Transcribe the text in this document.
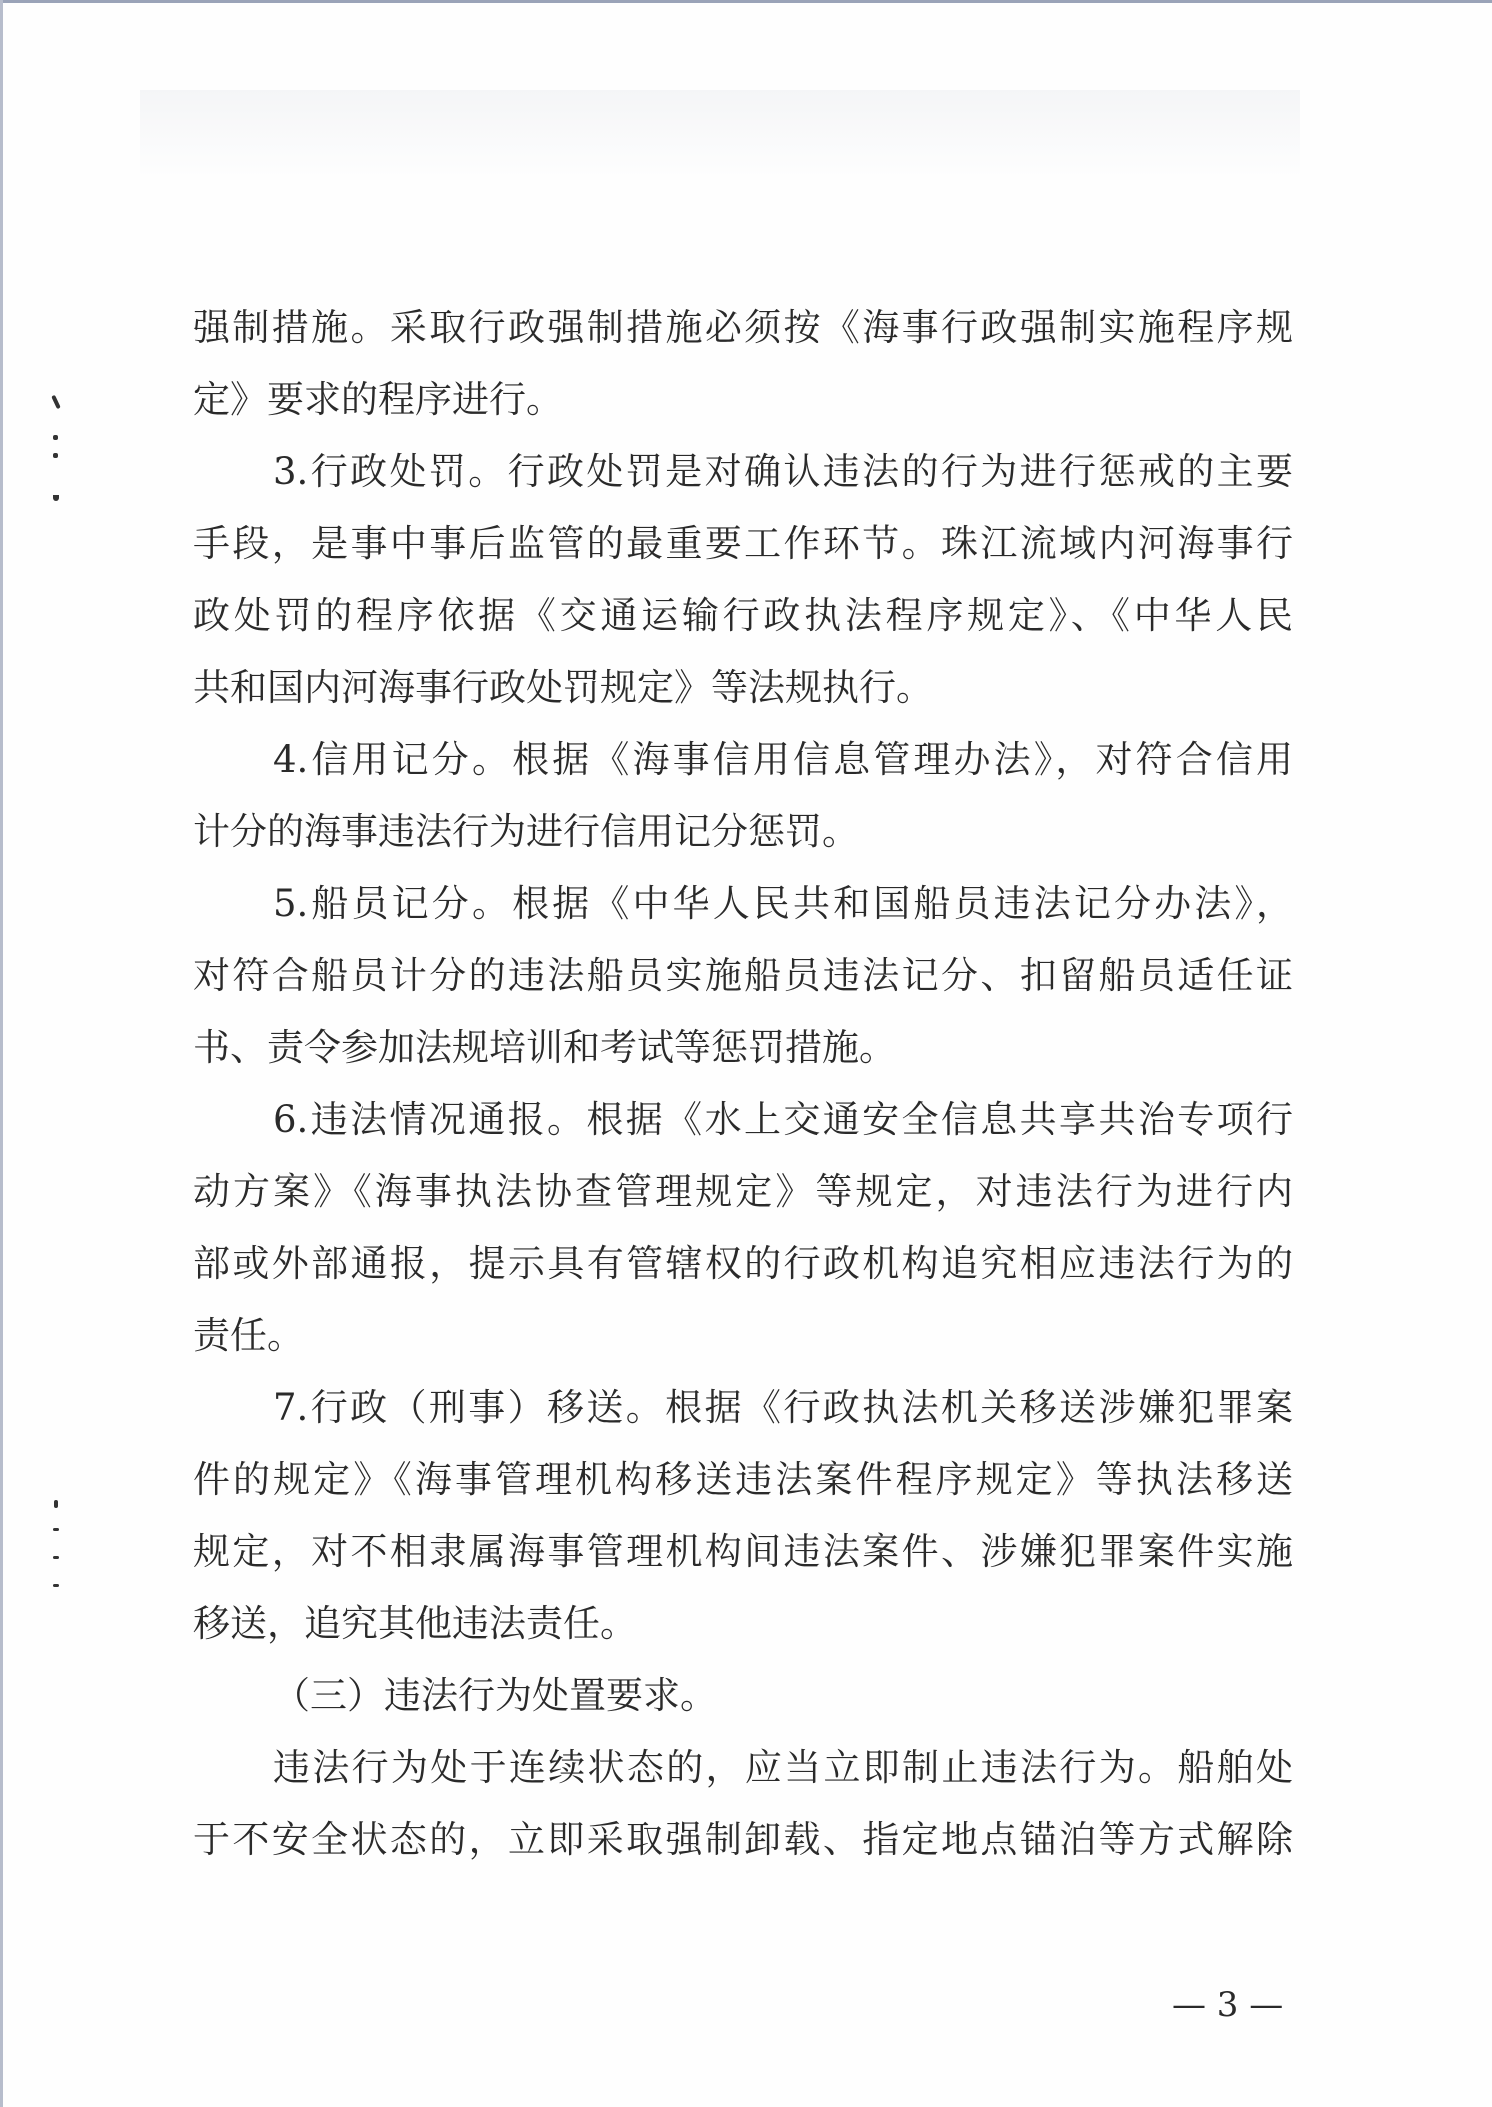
强制措施。采取行政强制措施必须按《海事行政强制实施程序规
定》要求的程序进行。
3.行政处罚。行政处罚是对确认违法的行为进行惩戒的主要
手段，是事中事后监管的最重要工作环节。珠江流域内河海事行
政处罚的程序依据《交通运输行政执法程序规定》、《中华人民
共和国内河海事行政处罚规定》等法规执行。
4.信用记分。根据《海事信用信息管理办法》，对符合信用
计分的海事违法行为进行信用记分惩罚。
5.船员记分。根据《中华人民共和国船员违法记分办法》，
对符合船员计分的违法船员实施船员违法记分、扣留船员适任证
书、责令参加法规培训和考试等惩罚措施。
6.违法情况通报。根据《水上交通安全信息共享共治专项行
动方案》《海事执法协查管理规定》等规定，对违法行为进行内
部或外部通报，提示具有管辖权的行政机构追究相应违法行为的
责任。
7.行政（刑事）移送。根据《行政执法机关移送涉嫌犯罪案
件的规定》《海事管理机构移送违法案件程序规定》等执法移送
规定，对不相隶属海事管理机构间违法案件、涉嫌犯罪案件实施
移送，追究其他违法责任。
（三）违法行为处置要求。
违法行为处于连续状态的，应当立即制止违法行为。船舶处
于不安全状态的，立即采取强制卸载、指定地点锚泊等方式解除
— 3 —
